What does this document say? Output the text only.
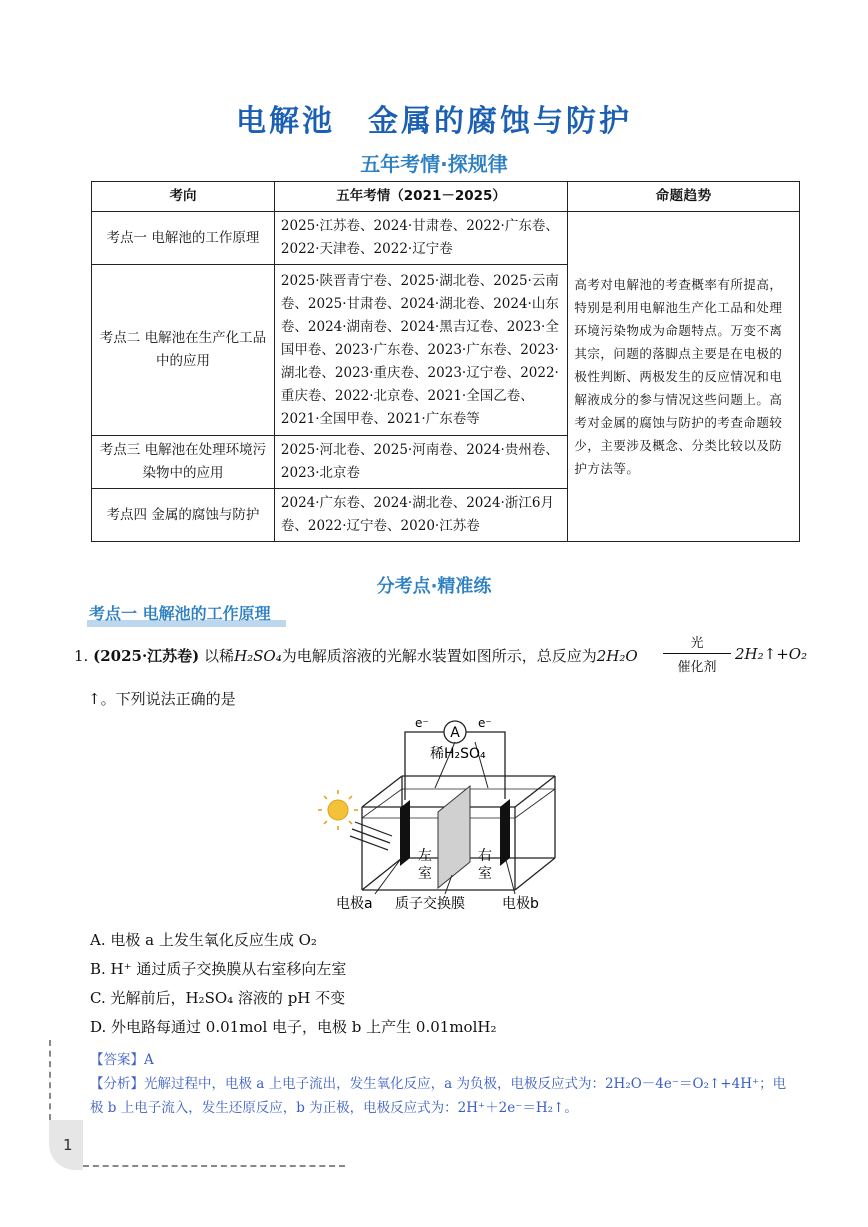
电解池　金属的腐蚀与防护
五年考情·探规律
考向	五年考情（2021－2025）	命题趋势
考点一 电解池的工作原理	2025·江苏卷、2024·甘肃卷、2022·广东卷、2022·天津卷、2022·辽宁卷	高考对电解池的考查概率有所提高，特别是利用电解池生产化工品和处理环境污染物成为命题特点。万变不离其宗，问题的落脚点主要是在电极的极性判断、两极发生的反应情况和电解液成分的参与情况这些问题上。高考对金属的腐蚀与防护的考查命题较少，主要涉及概念、分类比较以及防护方法等。
考点二 电解池在生产化工品中的应用	2025·陕晋青宁卷、2025·湖北卷、2025·云南卷、2025·甘肃卷、2024·湖北卷、2024·山东卷、2024·湖南卷、2024·黑吉辽卷、2023·全国甲卷、2023·广东卷、2023·广东卷、2023·湖北卷、2023·重庆卷、2023·辽宁卷、2022·重庆卷、2022·北京卷、2021·全国乙卷、2021·全国甲卷、2021·广东卷等	
考点三 电解池在处理环境污染物中的应用	2025·河北卷、2025·河南卷、2024·贵州卷、2023·北京卷	
考点四 金属的腐蚀与防护	2024·广东卷、2024·湖北卷、2024·浙江6月卷、2022·辽宁卷、2020·江苏卷	
分考点·精准练
考点一 电解池的工作原理
1. (2025·江苏卷) 以稀H₂SO₄为电解质溶液的光解水装置如图所示，总反应为2H₂O
光
催化剂
2H₂↑+O₂
↑。下列说法正确的是
A
e⁻	e⁻
稀H₂SO₄
左
室
右
室
电极a 质子交换膜	电极b
A. 电极 a 上发生氧化反应生成 O₂
B. H⁺ 通过质子交换膜从右室移向左室
C. 光解前后，H₂SO₄ 溶液的 pH 不变
D. 外电路每通过 0.01mol 电子，电极 b 上产生 0.01molH₂
【答案】A
【分析】光解过程中，电极 a 上电子流出，发生氧化反应，a 为负极，电极反应式为：2H₂O－4e⁻＝O₂↑+4H⁺；电
极 b 上电子流入，发生还原反应，b 为正极，电极反应式为：2H⁺＋2e⁻＝H₂↑。
1
